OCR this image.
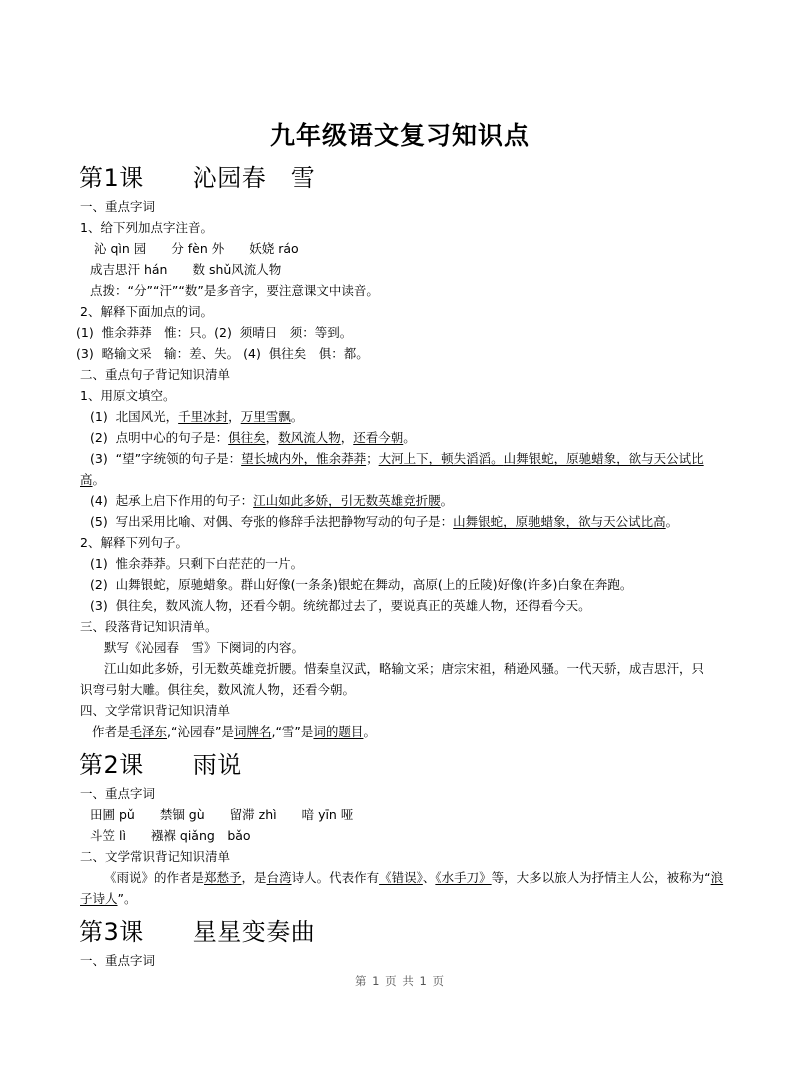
九年级语文复习知识点
第1课　　沁园春　雪
一、重点字词
1、给下列加点字注音。
沁 qìn 园　　分 fèn 外　　妖娆 ráo
成吉思汗 hán　　数 shǔ风流人物
点拨：“分”“汗”“数”是多音字，要注意课文中读音。
2、解释下面加点的词。
(1)  惟余莽莽　惟：只。(2)  须晴日　须：等到。
(3)  略输文采　输：差、失。 (4)  俱往矣　俱：都。
二、重点句子背记知识清单
1、用原文填空。
(1)  北国风光，千里冰封，万里雪飘。
(2)  点明中心的句子是：俱往矣，数风流人物，还看今朝。
(3)  “望”字统领的句子是：望长城内外，惟余莽莽；大河上下，顿失滔滔。山舞银蛇，原驰蜡象，欲与天公试比
高。
(4)  起承上启下作用的句子：江山如此多娇，引无数英雄竞折腰。
(5)  写出采用比喻、对偶、夸张的修辞手法把静物写动的句子是：山舞银蛇，原驰蜡象，欲与天公试比高。
2、解释下列句子。
(1)  惟余莽莽。只剩下白茫茫的一片。
(2)  山舞银蛇，原驰蜡象。群山好像(一条条)银蛇在舞动，高原(上的丘陵)好像(许多)白象在奔跑。
(3)  俱往矣，数风流人物，还看今朝。统统都过去了，要说真正的英雄人物，还得看今天。
三、段落背记知识清单。
默写《沁园春　雪》下阕词的内容。
江山如此多娇，引无数英雄竞折腰。惜秦皇汉武，略输文采；唐宗宋祖，稍逊风骚。一代天骄，成吉思汗，只
识弯弓射大雕。俱往矣，数风流人物，还看今朝。
四、文学常识背记知识清单
作者是毛泽东,“沁园春”是词牌名,“雪”是词的题目。
第2课　　雨说
一、重点字词
田圃 pǔ　　禁锢 gù　　留滞 zhì　　喑 yīn 哑
斗笠 lì　　襁褓 qiǎng　bǎo
二、文学常识背记知识清单
《雨说》的作者是郑愁予，是台湾诗人。代表作有《错误》、《水手刀》等，大多以旅人为抒情主人公，被称为“浪
子诗人”。
第3课　　星星变奏曲
一、重点字词
第 1 页 共 1 页
